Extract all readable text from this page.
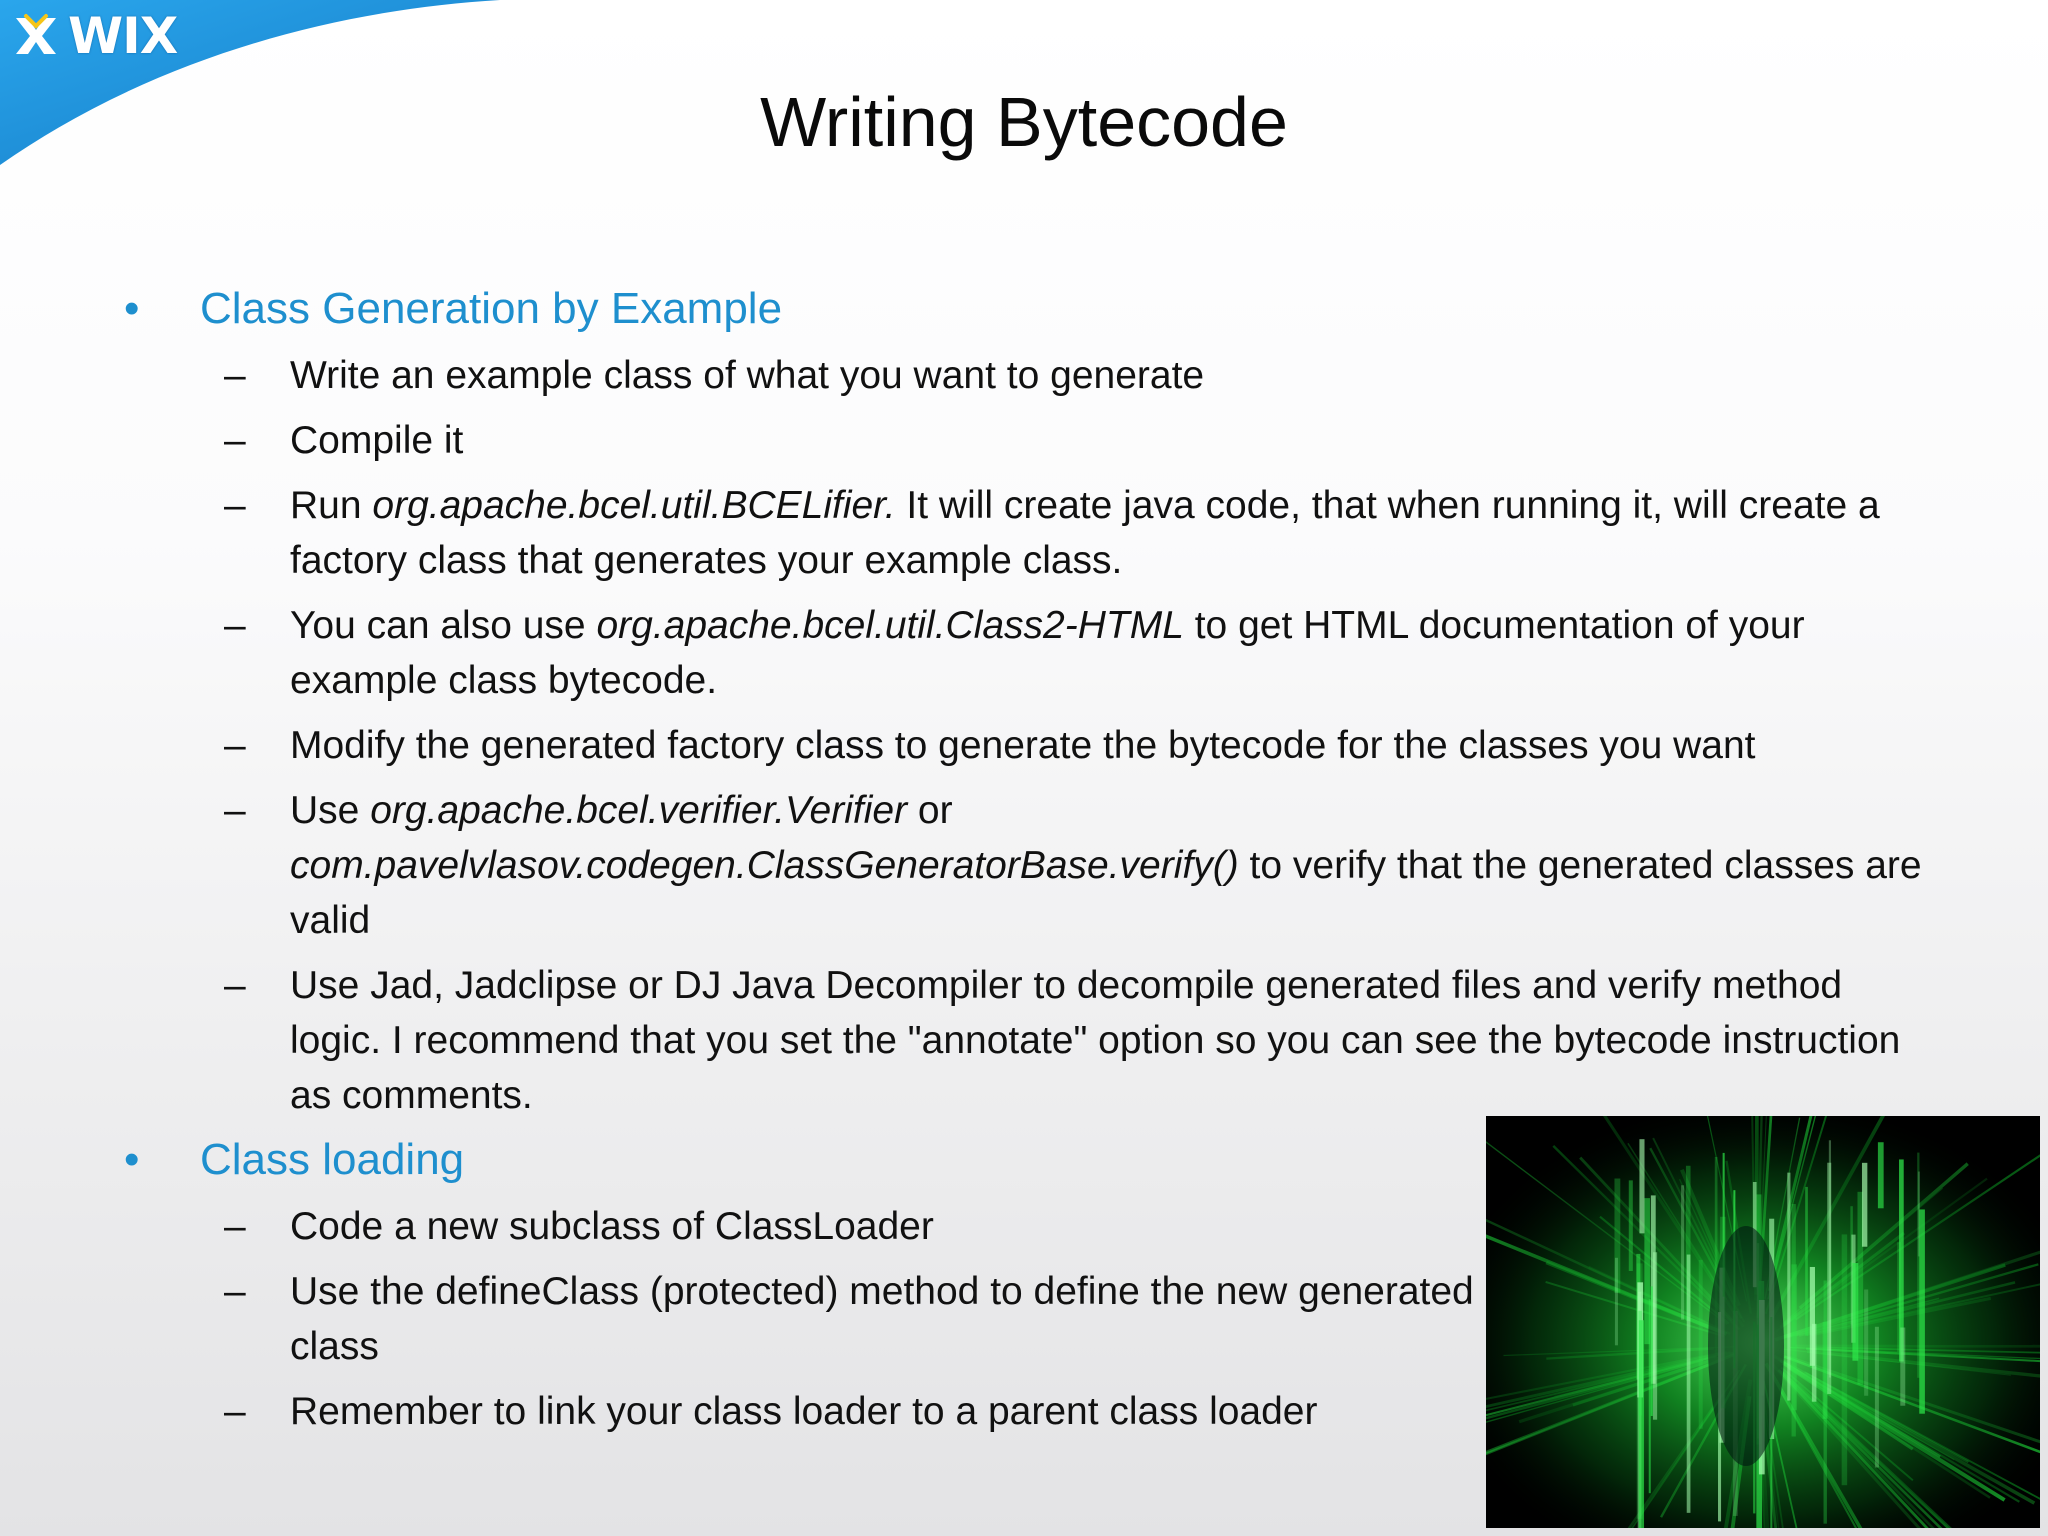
WIX
Writing Bytecode
• Class Generation by Example
– Write an example class of what you want to generate
– Compile it
– Run org.apache.bcel.util.BCELifier. It will create java code, that when running it, will create a factory class that generates your example class.
– You can also use org.apache.bcel.util.Class2-HTML to get HTML documentation of your example class bytecode.
– Modify the generated factory class to generate the bytecode for the classes you want
– Use org.apache.bcel.verifier.Verifier or
com.pavelvlasov.codegen.ClassGeneratorBase.verify() to verify that the generated classes are valid
– Use Jad, Jadclipse or DJ Java Decompiler to decompile generated files and verify method logic. I recommend that you set the "annotate" option so you can see the bytecode instruction as comments.
• Class loading
– Code a new subclass of ClassLoader
– Use the defineClass (protected) method to define the new generated class
– Remember to link your class loader to a parent class loader
